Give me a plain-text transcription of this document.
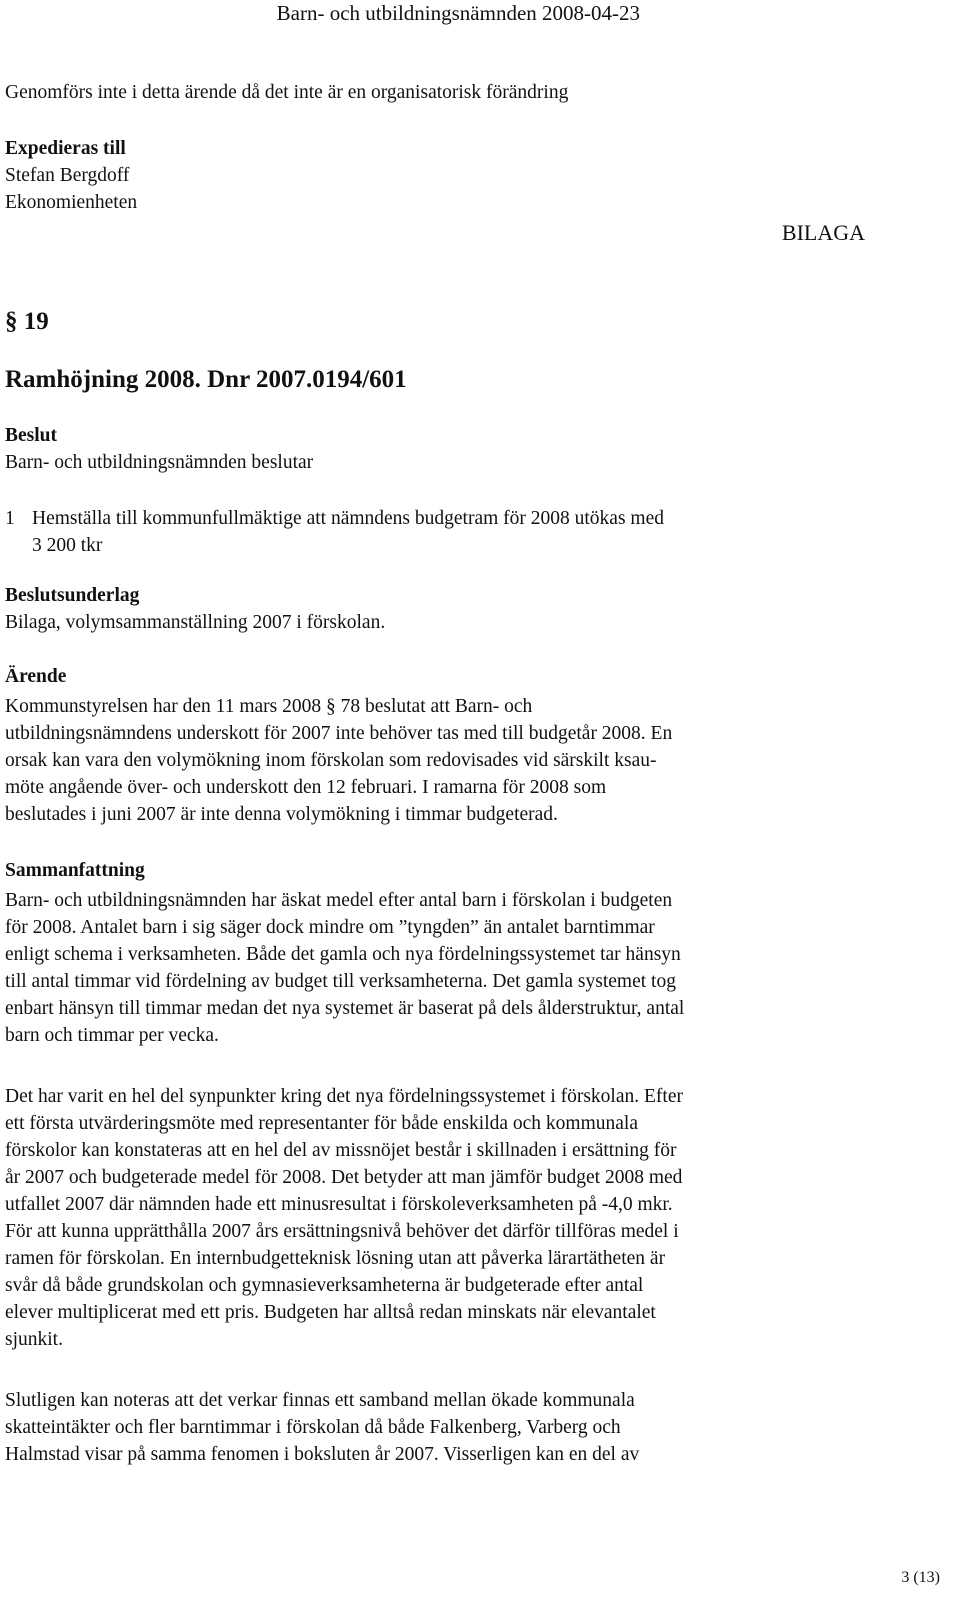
Barn- och utbildningsnämnden 2008-04-23
Genomförs inte i detta ärende då det inte är en organisatorisk förändring
Expedieras till
Stefan Bergdoff
Ekonomienheten
BILAGA
§ 19
Ramhöjning 2008. Dnr 2007.0194/601
Beslut
Barn- och utbildningsnämnden beslutar
1 Hemställa till kommunfullmäktige att nämndens budgetram för 2008 utökas med
3 200 tkr
Beslutsunderlag
Bilaga, volymsammanställning 2007 i förskolan.
Ärende
Kommunstyrelsen har den 11 mars 2008 § 78 beslutat att Barn- och
utbildningsnämndens underskott för 2007 inte behöver tas med till budgetår 2008. En
orsak kan vara den volymökning inom förskolan som redovisades vid särskilt ksau-
möte angående över- och underskott den 12 februari. I ramarna för 2008 som
beslutades i juni 2007 är inte denna volymökning i timmar budgeterad.
Sammanfattning
Barn- och utbildningsnämnden har äskat medel efter antal barn i förskolan i budgeten
för 2008. Antalet barn i sig säger dock mindre om ”tyngden” än antalet barntimmar
enligt schema i verksamheten. Både det gamla och nya fördelningssystemet tar hänsyn
till antal timmar vid fördelning av budget till verksamheterna. Det gamla systemet tog
enbart hänsyn till timmar medan det nya systemet är baserat på dels ålderstruktur, antal
barn och timmar per vecka.
Det har varit en hel del synpunkter kring det nya fördelningssystemet i förskolan. Efter
ett första utvärderingsmöte med representanter för både enskilda och kommunala
förskolor kan konstateras att en hel del av missnöjet består i skillnaden i ersättning för
år 2007 och budgeterade medel för 2008. Det betyder att man jämför budget 2008 med
utfallet 2007 där nämnden hade ett minusresultat i förskoleverksamheten på -4,0 mkr.
För att kunna upprätthålla 2007 års ersättningsnivå behöver det därför tillföras medel i
ramen för förskolan. En internbudgetteknisk lösning utan att påverka lärartätheten är
svår då både grundskolan och gymnasieverksamheterna är budgeterade efter antal
elever multiplicerat med ett pris. Budgeten har alltså redan minskats när elevantalet
sjunkit.
Slutligen kan noteras att det verkar finnas ett samband mellan ökade kommunala
skatteintäkter och fler barntimmar i förskolan då både Falkenberg, Varberg och
Halmstad visar på samma fenomen i boksluten år 2007. Visserligen kan en del av
3 (13)
